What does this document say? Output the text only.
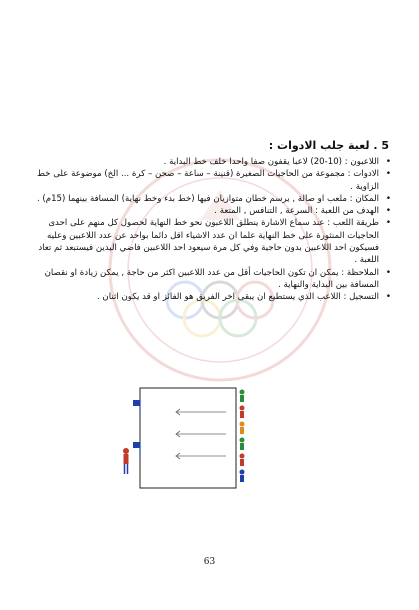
5 . لعبة جلب الادوات :
• اللاعبون : (10-20) لاعبا يقفون صفا واحدا خلف خط البداية .
• الادوات : مجموعة من الحاجيات الصغيرة (قنينة – ساعة – صحن – كرة ... الخ) موضوعة على خط الزاوية .
• المكان : ملعب او صالة , يرسم خطان متوازيان فيها (خط بدء وخط نهاية) المسافة بينهما (15م) .
• الهدف من اللعبة : السرعة , التنافس , المتعة .
• طريقة اللعب : عند سماع الاشارة ينطلق اللاعبون نحو خط النهاية لحصول كل منهم على احدى الحاجيات المنثورة على خط النهاية علما ان عدد الاشياء اقل دائما بواحد عن عدد اللاعبين وعليه فسيكون احد اللاعبين بدون حاجية وفي كل مرة سيعود احد اللاعبين فاضي اليدين فيستبعد ثم تعاد اللعبة .
• الملاحظة : يمكن ان تكون الحاجيات أقل من عدد اللاعبين اكثر من حاجة , يمكن زيادة او نقصان المسافة بين البداية والنهاية .
• التسجيل : اللاعب الذي يستطيع ان يبقى اخر الفريق هو الفائز او قد يكون اثنان .
63
